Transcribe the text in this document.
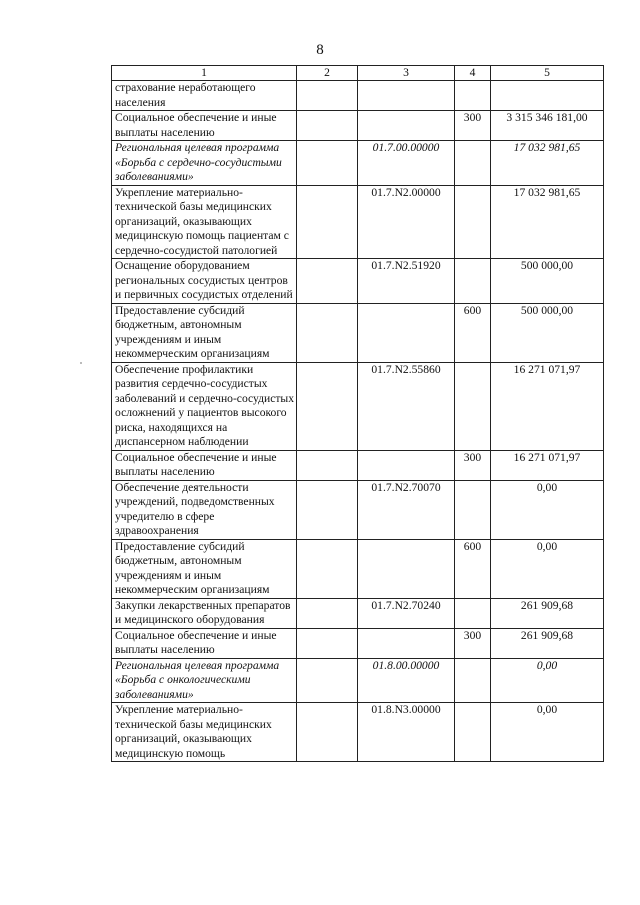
8
1	2	3	4	5
страхование неработающего населения				
Социальное обеспечение и иные выплаты населению			300	3 315 346 181,00
Региональная целевая программа «Борьба с сердечно-сосудистыми заболеваниями»		01.7.00.00000		17 032 981,65
Укрепление материально-технической базы медицинских организаций, оказывающих медицинскую помощь пациентам с сердечно-сосудистой патологией		01.7.N2.00000		17 032 981,65
Оснащение оборудованием региональных сосудистых центров и первичных сосудистых отделений		01.7.N2.51920		500 000,00
Предоставление субсидий бюджетным, автономным учреждениям и иным некоммерческим организациям			600	500 000,00
Обеспечение профилактики развития сердечно-сосудистых заболеваний и сердечно-сосудистых осложнений у пациентов высокого риска, находящихся на диспансерном наблюдении		01.7.N2.55860		16 271 071,97
Социальное обеспечение и иные выплаты населению			300	16 271 071,97
Обеспечение деятельности учреждений, подведомственных учредителю в сфере здравоохранения		01.7.N2.70070		0,00
Предоставление субсидий бюджетным, автономным учреждениям и иным некоммерческим организациям			600	0,00
Закупки лекарственных препаратов и медицинского оборудования		01.7.N2.70240		261 909,68
Социальное обеспечение и иные выплаты населению			300	261 909,68
Региональная целевая программа «Борьба с онкологическими заболеваниями»		01.8.00.00000		0,00
Укрепление материально-технической базы медицинских организаций, оказывающих медицинскую помощь		01.8.N3.00000		0,00
